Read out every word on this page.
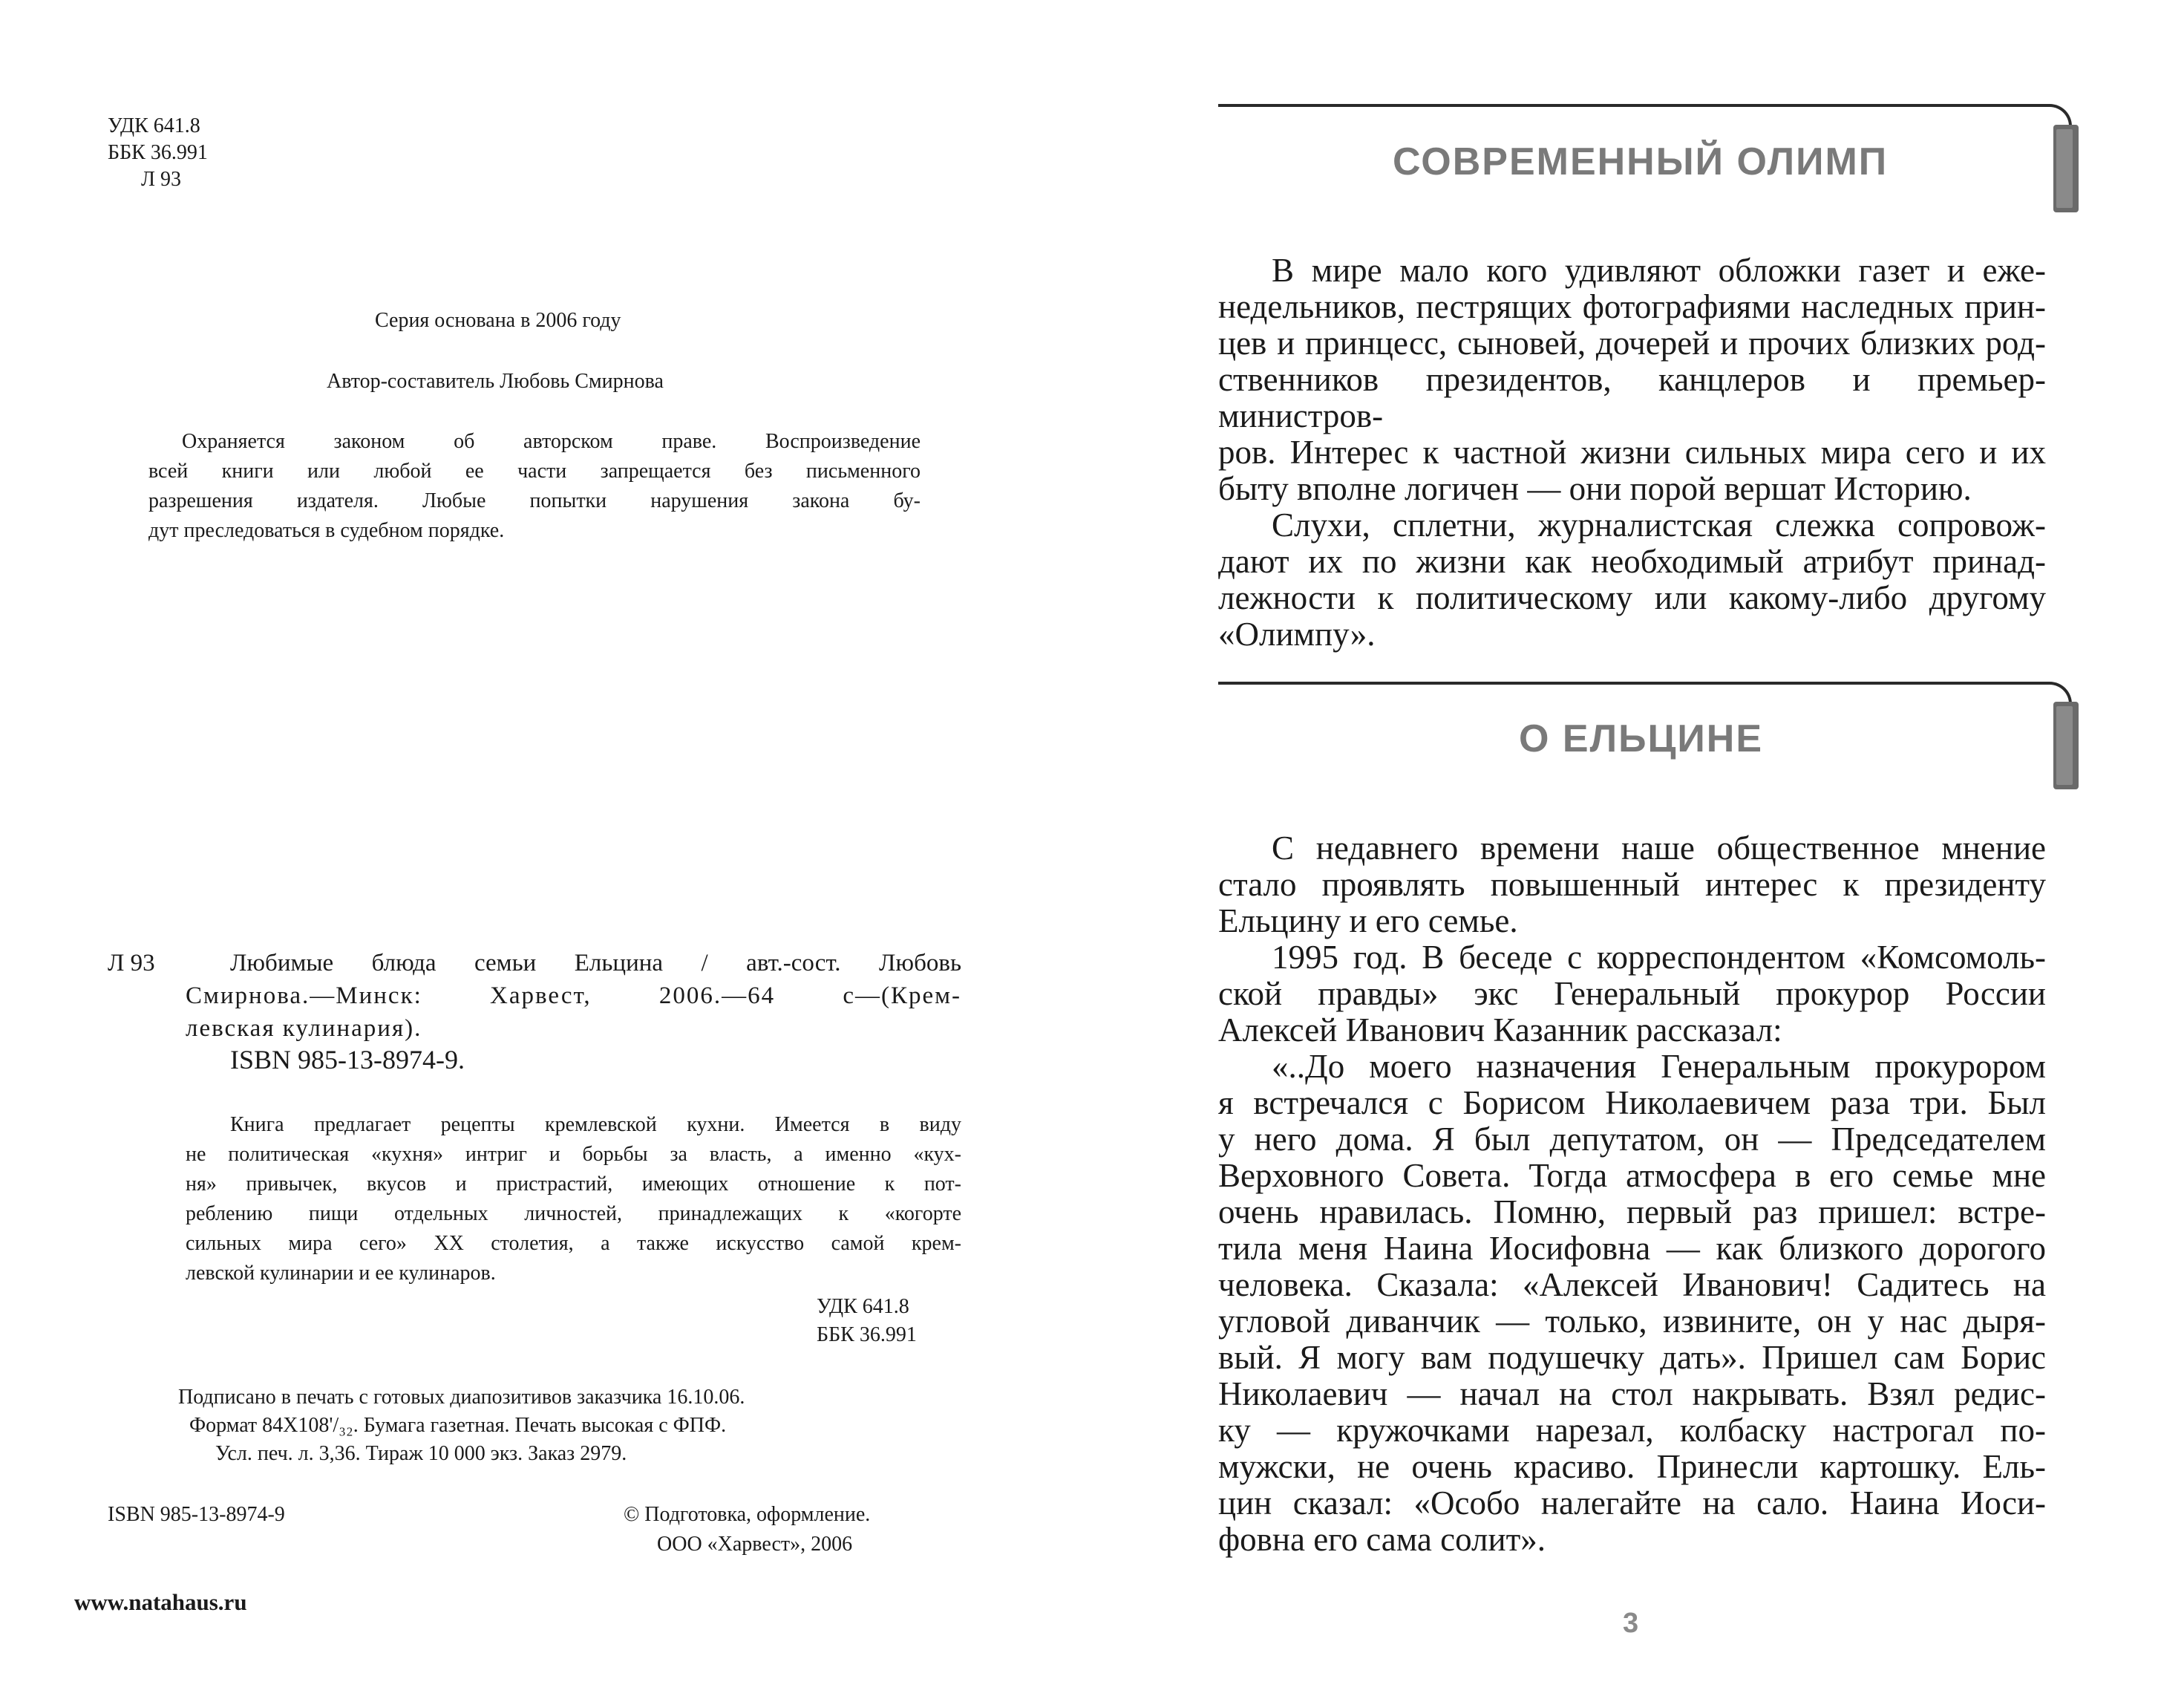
УДК 641.8
ББК 36.991
Л 93
Серия основана в 2006 году
Автор-составитель Любовь Смирнова
Охраняется законом об авторском праве. Воспроизведение
всей книги или любой ее части запрещается без письменного
разрешения издателя. Любые попытки нарушения закона бу-
дут преследоваться в судебном порядке.
Л 93	Любимые блюда семьи Ельцина / авт.-сост. Любовь
Смирнова.—Минск: Харвест, 2006.—64 с—(Крем-
левская кулинария).
ISBN 985-13-8974-9.
Книга предлагает рецепты кремлевской кухни. Имеется в виду
не политическая «кухня» интриг и борьбы за власть, а именно «кух-
ня» привычек, вкусов и пристрастий, имеющих отношение к пот-
реблению пищи отдельных личностей, принадлежащих к «когорте
сильных мира сего» XX столетия, а также искусство самой крем-
левской кулинарии и ее кулинаров.
УДК 641.8
ББК 36.991
Подписано в печать с готовых диапозитивов заказчика 16.10.06.
Формат 84X108'/₃₂. Бумага газетная. Печать высокая с ФПФ.
Усл. печ. л. 3,36. Тираж 10 000 экз. Заказ 2979.
ISBN 985-13-8974-9	© Подготовка, оформление.
ООО «Харвест», 2006
www.natahaus.ru
СОВРЕМЕННЫЙ ОЛИМП
В мире мало кого удивляют обложки газет и еже-
недельников, пестрящих фотографиями наследных прин-
цев и принцесс, сыновей, дочерей и прочих близких род-
ственников президентов, канцлеров и премьер-министров-
ров. Интерес к частной жизни сильных мира сего и их
быту вполне логичен — они порой вершат Историю.
Слухи, сплетни, журналистская слежка сопровож-
дают их по жизни как необходимый атрибут принад-
лежности к политическому или какому-либо другому
«Олимпу».
О ЕЛЬЦИНЕ
С недавнего времени наше общественное мнение
стало проявлять повышенный интерес к президенту
Ельцину и его семье.
1995 год. В беседе с корреспондентом «Комсомоль-
ской правды» экс Генеральный прокурор России
Алексей Иванович Казанник рассказал:
«..До моего назначения Генеральным прокурором
я встречался с Борисом Николаевичем раза три. Был
у него дома. Я был депутатом, он — Председателем
Верховного Совета. Тогда атмосфера в его семье мне
очень нравилась. Помню, первый раз пришел: встре-
тила меня Наина Иосифовна — как близкого дорогого
человека. Сказала: «Алексей Иванович! Садитесь на
угловой диванчик — только, извините, он у нас дыря-
вый. Я могу вам подушечку дать». Пришел сам Борис
Николаевич — начал на стол накрывать. Взял редис-
ку — кружочками нарезал, колбаску настрогал по-
мужски, не очень красиво. Принесли картошку. Ель-
цин сказал: «Особо налегайте на сало. Наина Иоси-
фовна его сама солит».
3
